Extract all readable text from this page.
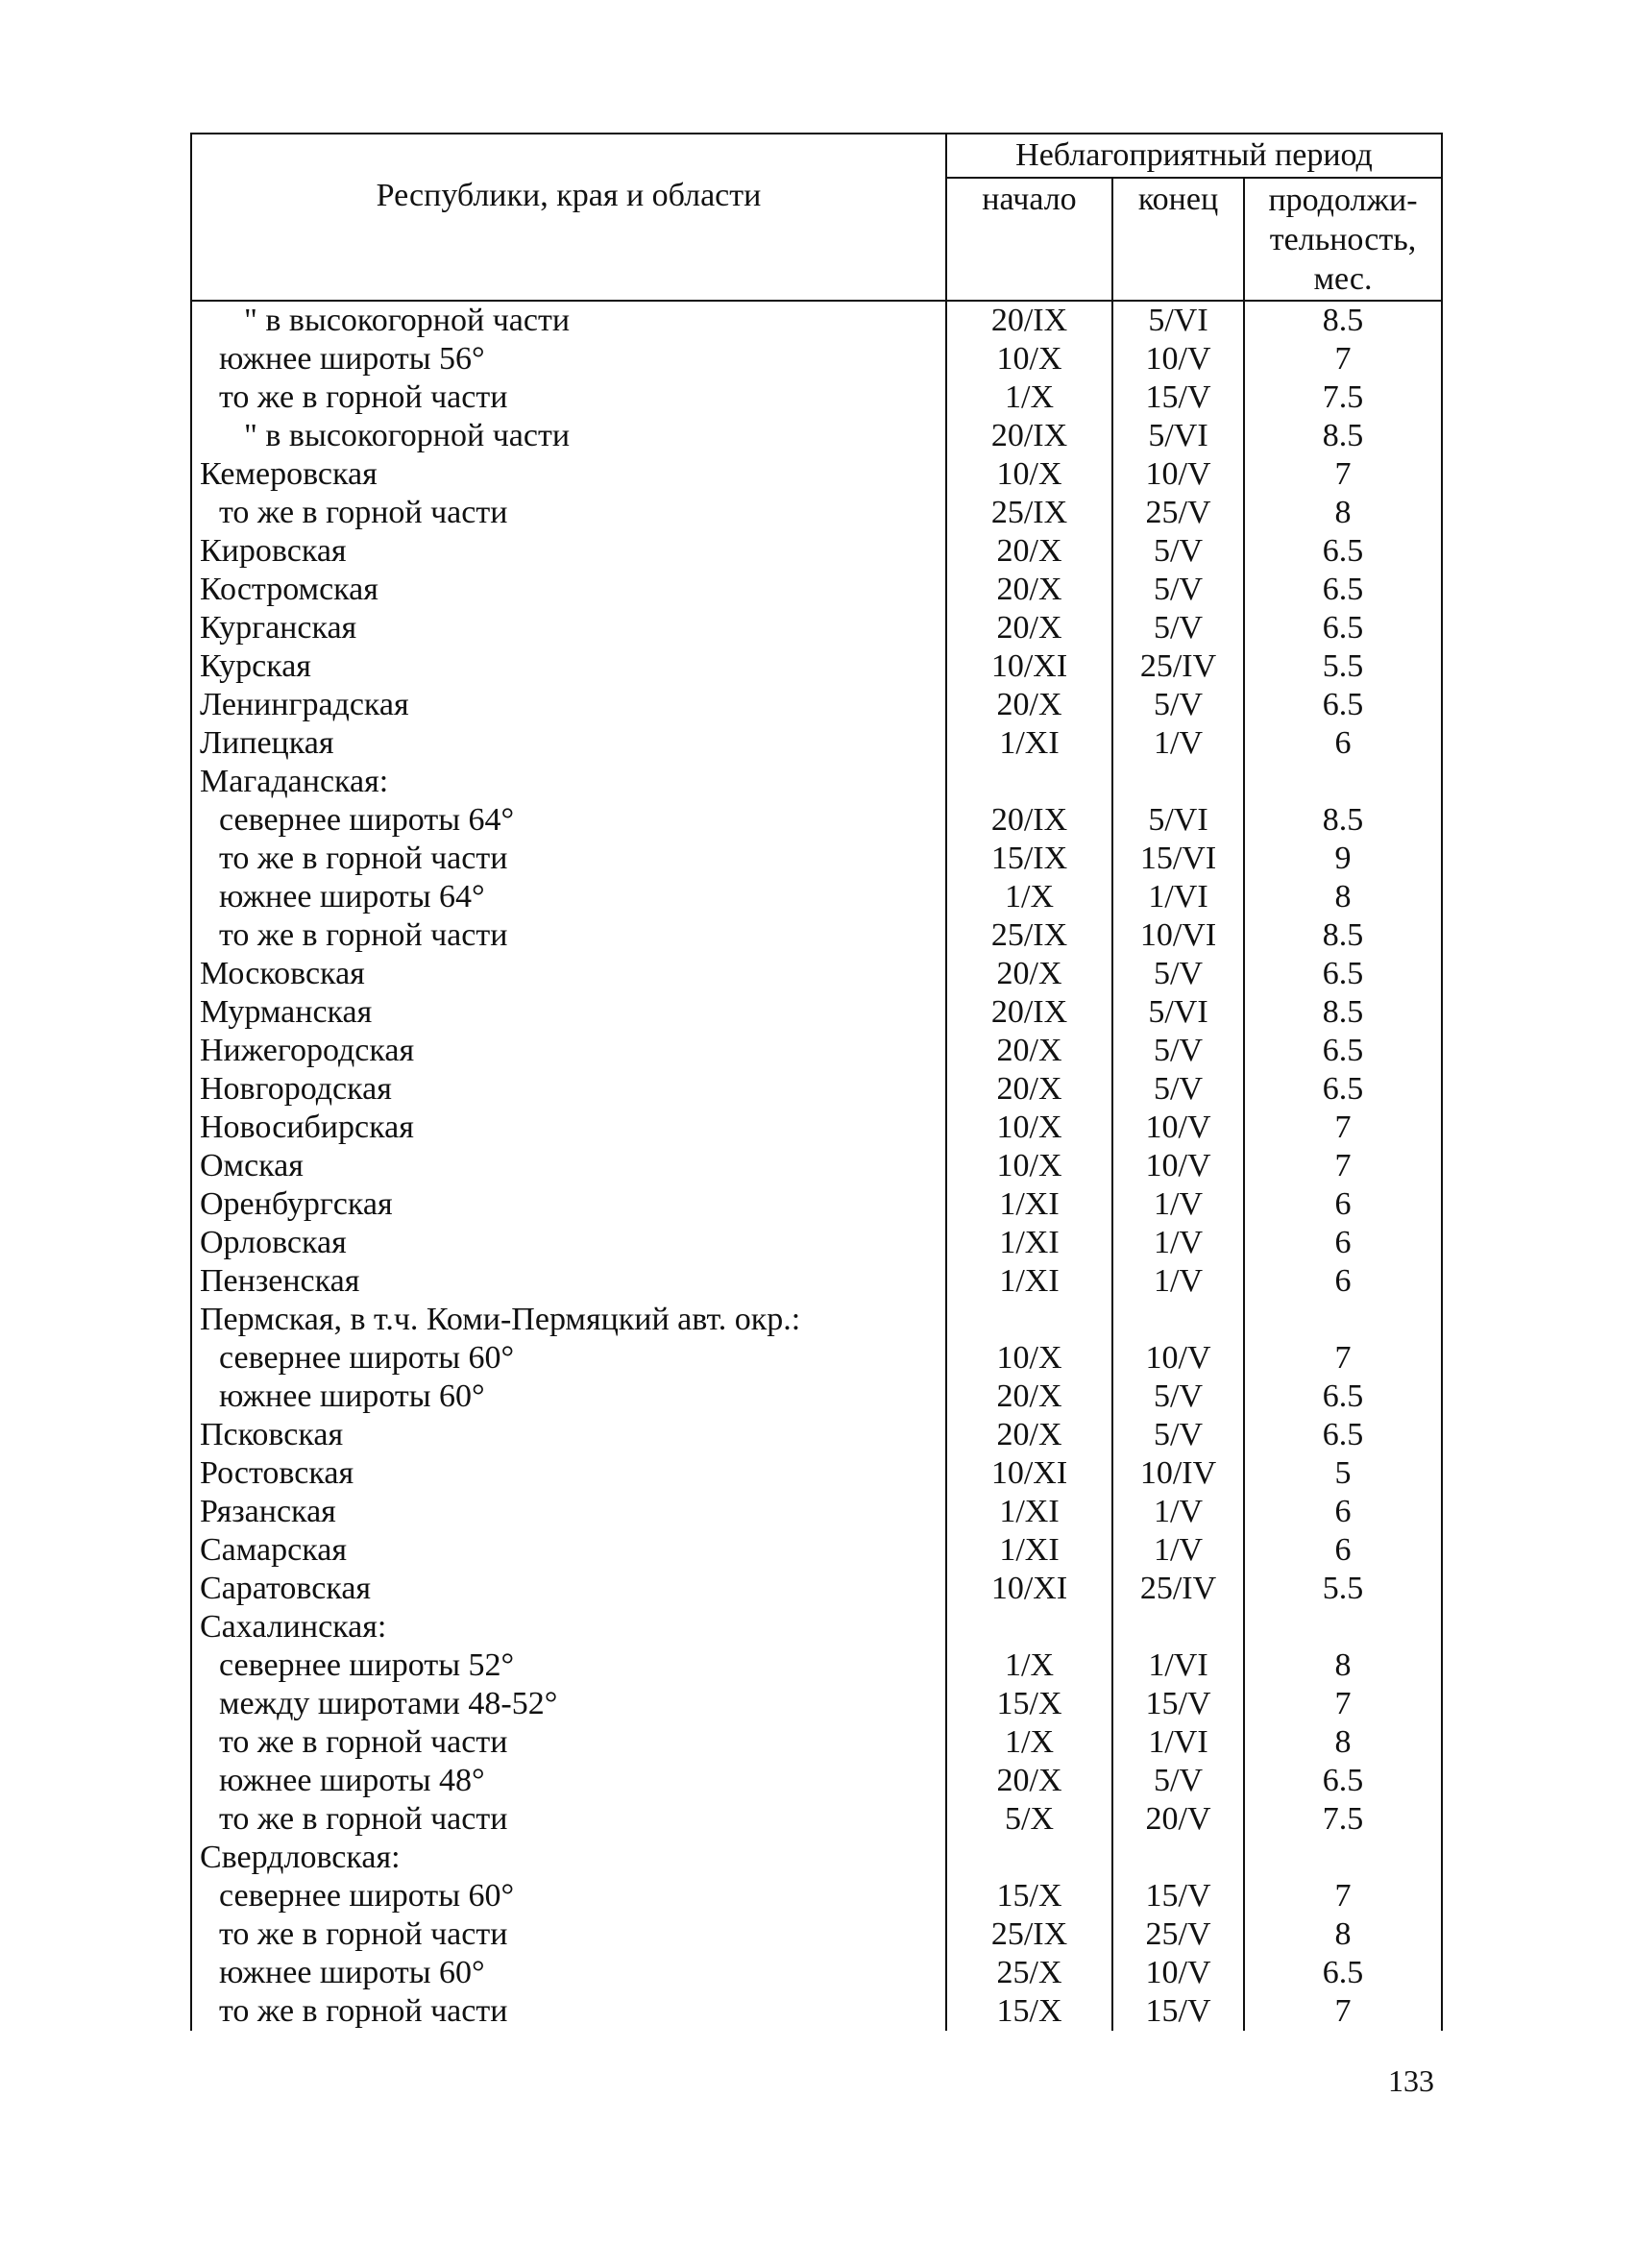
Республики, края и области	Неблагоприятный период		
	начало	конец	продолжи-
тельность,
мес.
" в высокогорной части	20/IX	5/VI	8.5
южнее широты 56°	10/X	10/V	7
то же в горной части	1/X	15/V	7.5
" в высокогорной части	20/IX	5/VI	8.5
Кемеровская	10/X	10/V	7
то же в горной части	25/IX	25/V	8
Кировская	20/X	5/V	6.5
Костромская	20/X	5/V	6.5
Курганская	20/X	5/V	6.5
Курская	10/XI	25/IV	5.5
Ленинградская	20/X	5/V	6.5
Липецкая	1/XI	1/V	6
Магаданская:			
севернее широты 64°	20/IX	5/VI	8.5
то же в горной части	15/IX	15/VI	9
южнее широты 64°	1/X	1/VI	8
то же в горной части	25/IX	10/VI	8.5
Московская	20/X	5/V	6.5
Мурманская	20/IX	5/VI	8.5
Нижегородская	20/X	5/V	6.5
Новгородская	20/X	5/V	6.5
Новосибирская	10/X	10/V	7
Омская	10/X	10/V	7
Оренбургская	1/XI	1/V	6
Орловская	1/XI	1/V	6
Пензенская	1/XI	1/V	6
Пермская, в т.ч. Коми-Пермяцкий авт. окр.:			
севернее широты 60°	10/X	10/V	7
южнее широты 60°	20/X	5/V	6.5
Псковская	20/X	5/V	6.5
Ростовская	10/XI	10/IV	5
Рязанская	1/XI	1/V	6
Самарская	1/XI	1/V	6
Саратовская	10/XI	25/IV	5.5
Сахалинская:			
севернее широты 52°	1/X	1/VI	8
между широтами 48-52°	15/X	15/V	7
то же в горной части	1/X	1/VI	8
южнее широты 48°	20/X	5/V	6.5
то же в горной части	5/X	20/V	7.5
Свердловская:			
севернее широты 60°	15/X	15/V	7
то же в горной части	25/IX	25/V	8
южнее широты 60°	25/X	10/V	6.5
то же в горной части	15/X	15/V	7
133
